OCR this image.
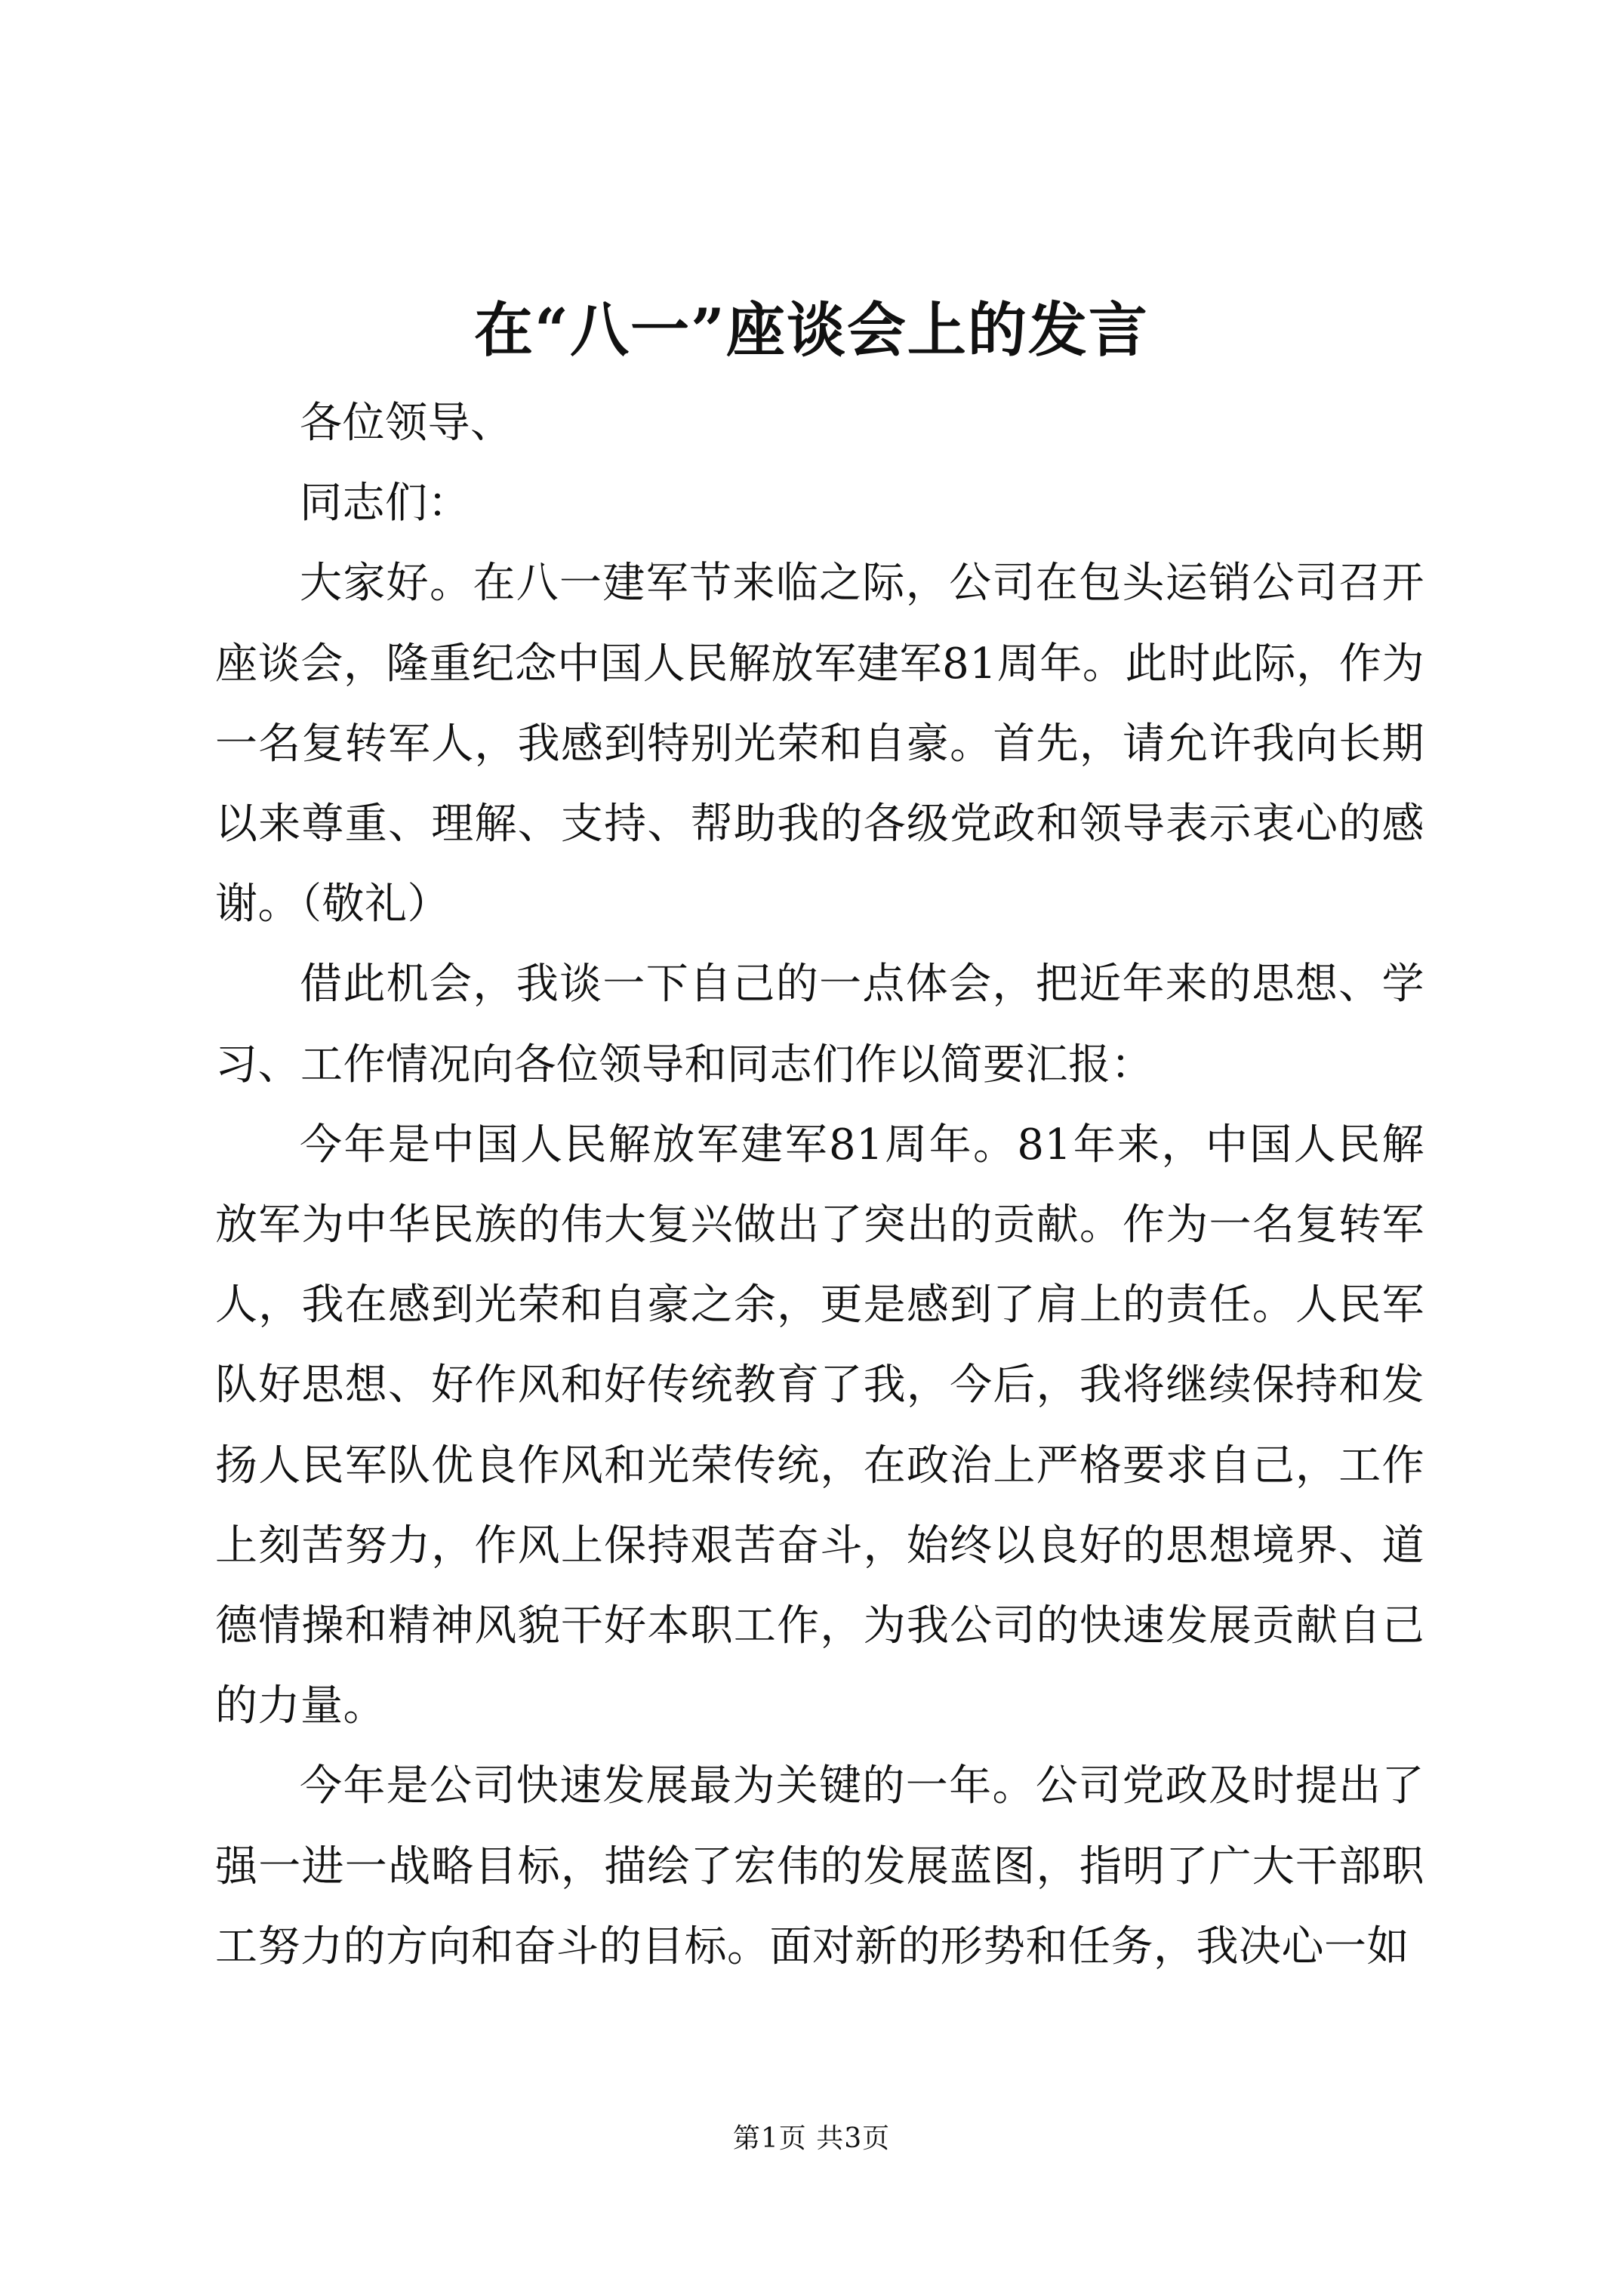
在“八一”座谈会上的发言

各位领导、

同志们：

大家好。在八一建军节来临之际，公司在包头运销公司召开座谈会，隆重纪念中国人民解放军建军81周年。此时此际，作为一名复转军人，我感到特别光荣和自豪。首先，请允许我向长期以来尊重、理解、支持、帮助我的各级党政和领导表示衷心的感谢。（敬礼）

借此机会，我谈一下自己的一点体会，把近年来的思想、学习、工作情况向各位领导和同志们作以简要汇报：

今年是中国人民解放军建军81周年。81年来，中国人民解放军为中华民族的伟大复兴做出了突出的贡献。作为一名复转军人，我在感到光荣和自豪之余，更是感到了肩上的责任。人民军队好思想、好作风和好传统教育了我，今后，我将继续保持和发扬人民军队优良作风和光荣传统，在政治上严格要求自己，工作上刻苦努力，作风上保持艰苦奋斗，始终以良好的思想境界、道德情操和精神风貌干好本职工作，为我公司的快速发展贡献自己的力量。

今年是公司快速发展最为关键的一年。公司党政及时提出了强一进一战略目标，描绘了宏伟的发展蓝图，指明了广大干部职工努力的方向和奋斗的目标。面对新的形势和任务，我决心一如

第1页 共3页
